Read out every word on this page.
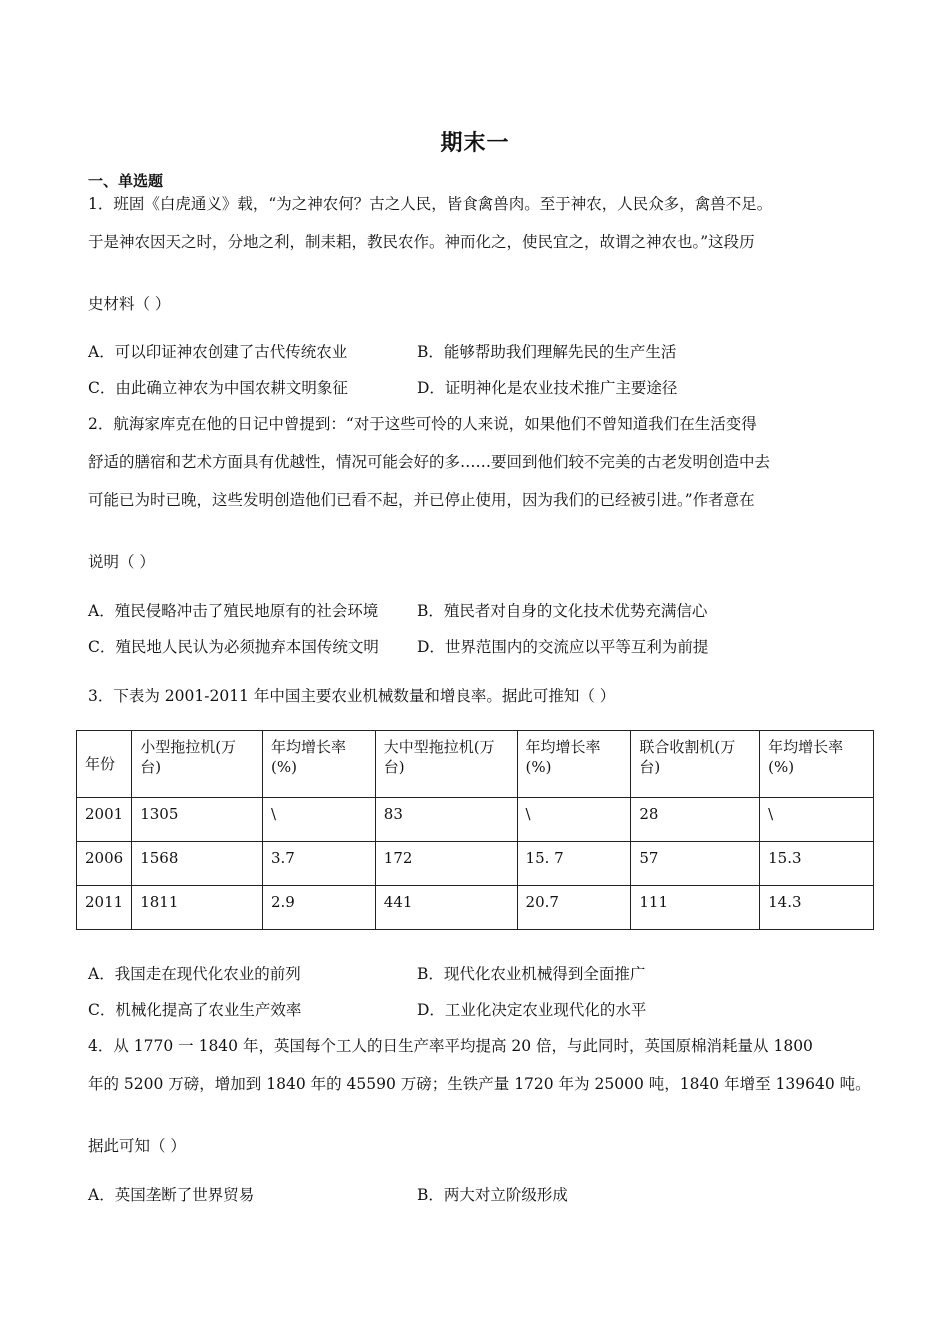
期末一
一、单选题
1．班固《白虎通义》载，“为之神农何？古之人民，皆食禽兽肉。至于神农，人民众多，禽兽不足。
于是神农因天之时，分地之利，制耒耜，教民农作。神而化之，使民宜之，故谓之神农也。”这段历
史材料（ ）
A．可以印证神农创建了古代传统农业	B．能够帮助我们理解先民的生产生活
C．由此确立神农为中国农耕文明象征	D．证明神化是农业技术推广主要途径
2．航海家库克在他的日记中曾提到：“对于这些可怜的人来说，如果他们不曾知道我们在生活变得
舒适的膳宿和艺术方面具有优越性，情况可能会好的多……要回到他们较不完美的古老发明创造中去
可能已为时已晚，这些发明创造他们已看不起，并已停止使用，因为我们的已经被引进。”作者意在
说明（ ）
A．殖民侵略冲击了殖民地原有的社会环境	B．殖民者对自身的文化技术优势充满信心
C．殖民地人民认为必须抛弃本国传统文明 D．世界范围内的交流应以平等互利为前提
3．下表为 2001-2011 年中国主要农业机械数量和增良率。据此可推知（ ）
年份	小型拖拉机(万台)	年均增长率(%)	大中型拖拉机(万台)	年均增长率(%)	联合收割机(万台)	年均增长率(%)
2001	1305	\	83	\	28	\
2006	1568	3.7	172	15. 7	57	15.3
2011	1811	2.9	441	20.7	111	14.3
A．我国走在现代化农业的前列	B．现代化农业机械得到全面推广
C．机械化提高了农业生产效率	D．工业化决定农业现代化的水平
4．从 1770 一 1840 年，英国每个工人的日生产率平均提高 20 倍，与此同时，英国原棉消耗量从 1800
年的 5200 万磅，增加到 1840 年的 45590 万磅；生铁产量 1720 年为 25000 吨，1840 年增至 139640 吨。
据此可知（ ）
A．英国垄断了世界贸易	B．两大对立阶级形成
